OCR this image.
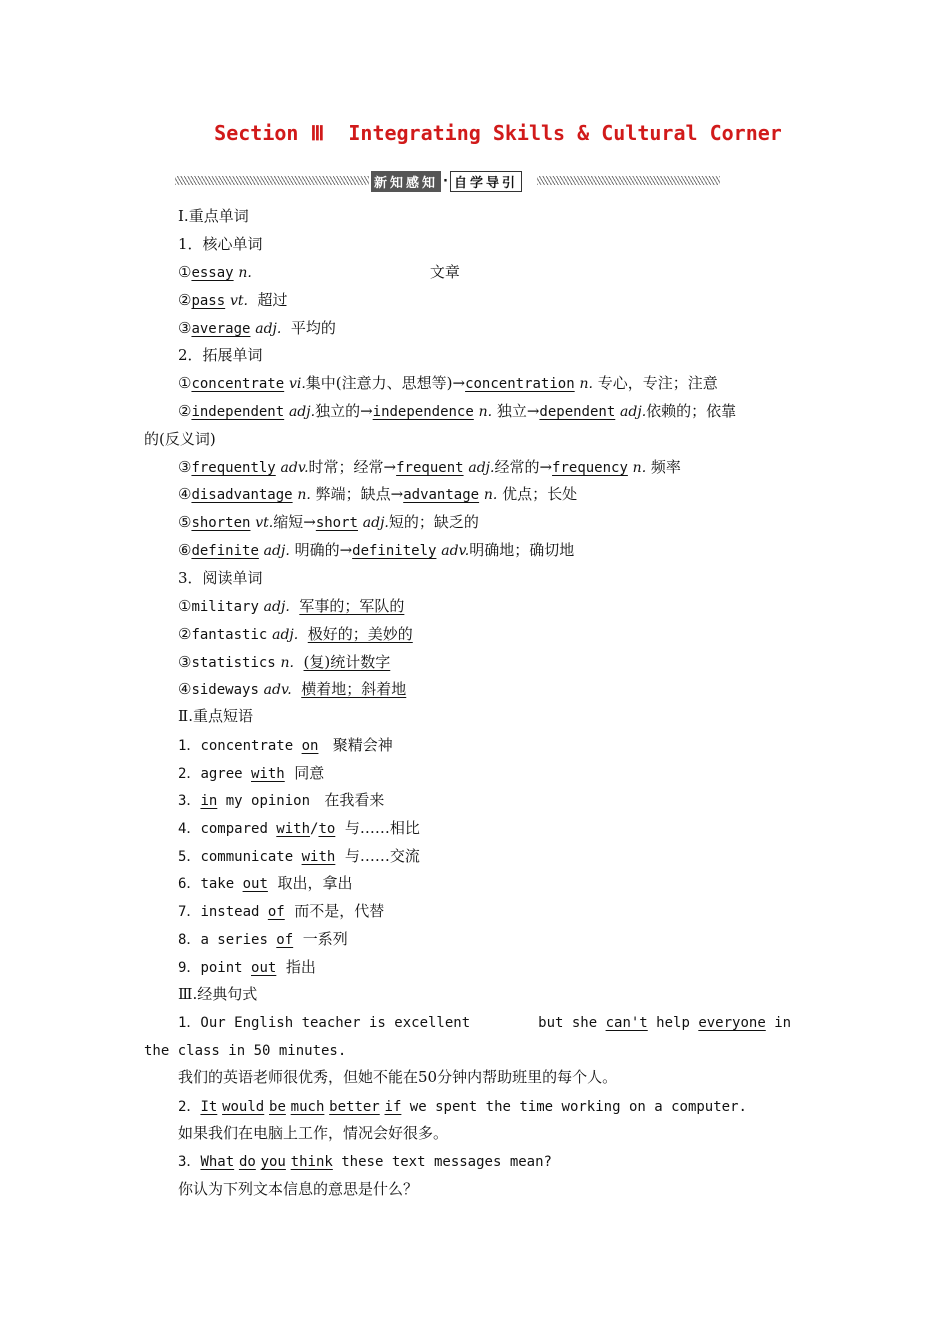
Section Ⅲ  Integrating Skills & Cultural Corner
新知感知 · 自学导引
Ⅰ.重点单词
1．核心单词
①essay n.	文章
②pass vt. 超过
③average adj. 平均的
2．拓展单词
①concentrate vi.集中(注意力、思想等)→concentration n. 专心，专注；注意
②independent adj.独立的→independence n. 独立→dependent adj.依赖的；依靠
的(反义词)
③frequently adv.时常；经常→frequent adj.经常的→frequency n. 频率
④disadvantage n. 弊端；缺点→advantage n. 优点；长处
⑤shorten vt.缩短→short adj.短的；缺乏的
⑥definite adj. 明确的→definitely adv.明确地；确切地
3．阅读单词
①military adj. 军事的；军队的
②fantastic adj. 极好的；美妙的
③statistics n. (复)统计数字
④sideways adv. 横着地；斜着地
Ⅱ.重点短语
1．concentrate on 聚精会神
2．agree with 同意
3．in my opinion 在我看来
4．compared with/to 与……相比
5．communicate with 与……交流
6．take out 取出，拿出
7．instead of 而不是，代替
8．a series of 一系列
9．point out 指出
Ⅲ.经典句式
1．Our English teacher is excellent	but she can't help everyone in
the class in 50 minutes.
我们的英语老师很优秀，但她不能在50分钟内帮助班里的每个人。
2．It would be much better if we spent the time working on a computer.
如果我们在电脑上工作，情况会好很多。
3．What do you think these text messages mean?
你认为下列文本信息的意思是什么？
